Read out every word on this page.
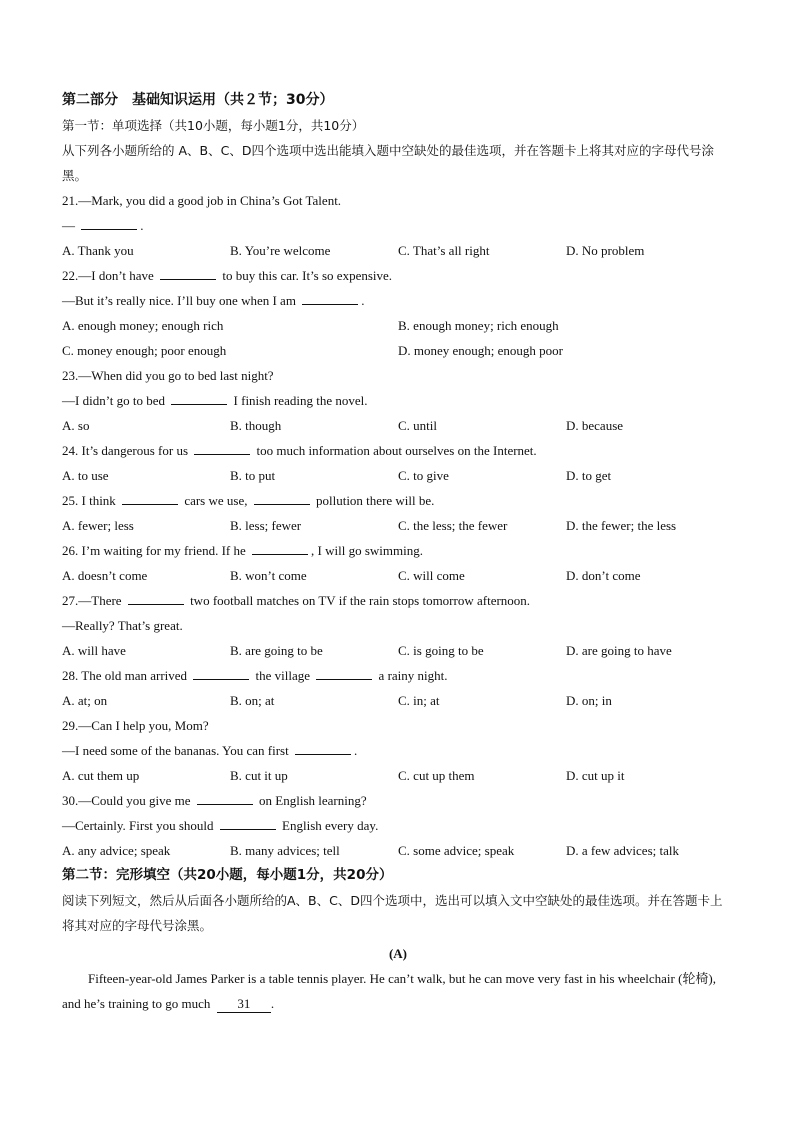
第二部分　基础知识运用（共２节；30分）
第一节：单项选择（共10小题，每小题1分，共10分）
从下列各小题所给的 A、B、C、D四个选项中选出能填入题中空缺处的最佳选项，并在答题卡上将其对应的字母代号涂黑。
21.—Mark, you did a good job in China’s Got Talent.
—	.
A. Thank you	B. You’re welcome	C. That’s all right	D. No problem
22.—I don’t have	to buy this car. It’s so expensive.
—But it’s really nice. I’ll buy one when I am	.
A. enough money; enough rich	B. enough money; rich enough
C. money enough; poor enough	D. money enough; enough poor
23.—When did you go to bed last night?
—I didn’t go to bed	I finish reading the novel.
A. so	B. though	C. until	D. because
24. It’s dangerous for us	too much information about ourselves on the Internet.
A. to use	B. to put	C. to give	D. to get
25. I think	cars we use,	pollution there will be.
A. fewer; less	B. less; fewer	C. the less; the fewer	D. the fewer; the less
26. I’m waiting for my friend. If he	, I will go swimming.
A. doesn’t come	B. won’t come	C. will come	D. don’t come
27.—There	two football matches on TV if the rain stops tomorrow afternoon.
—Really? That’s great.
A. will have	B. are going to be	C. is going to be	D. are going to have
28. The old man arrived	the village	a rainy night.
A. at; on	B. on; at	C. in; at	D. on; in
29.—Can I help you, Mom?
—I need some of the bananas. You can first	.
A. cut them up	B. cut it up	C. cut up them	D. cut up it
30.—Could you give me	on English learning?
—Certainly. First you should	English every day.
A. any advice; speak	B. many advices; tell	C. some advice; speak	D. a few advices; talk
第二节：完形填空（共20小题，每小题1分，共20分）
阅读下列短文，然后从后面各小题所给的A、B、C、D四个选项中，选出可以填入文中空缺处的最佳选项。并在答题卡上将其对应的字母代号涂黑。
(A)
Fifteen-year-old James Parker is a table tennis player. He can’t walk, but he can move very fast in his wheelchair (轮椅), and he’s training to go much 31 .
